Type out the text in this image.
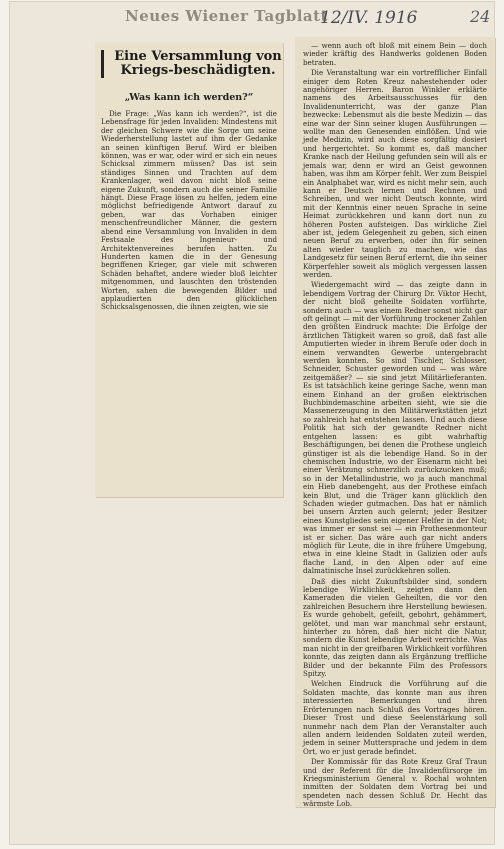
Neues Wiener Tagblatt
12/IV. 1916	24
Eine Versammlung von Kriegs-beschädigten.
„Was kann ich werden?“

Die Frage: „Was kann ich werden?“, ist die Lebensfrage für jeden Invaliden: Mindestens mit der gleichen Schwere wie die Sorge um seine Wiederherstellung lastet auf ihm der Gedanke an seinen künftigen Beruf. Wird er bleiben können, was er war, oder wird er sich ein neues Schicksal zimmern müssen? Das ist sein ständiges Sinnen und Trachten auf dem Krankenlager, weil davon nicht bloß seine eigene Zukunft, sondern auch die seiner Familie hängt. Diese Frage lösen zu helfen, jedem eine möglichst befriedigende Antwort darauf zu geben, war das Vorhaben einiger menschenfreundlicher Männer, die gestern abend eine Versammlung von Invaliden in dem Festsaale des Ingenieur- und Architektenvereines berufen hatten. Zu Hunderten kamen die in der Genesung begriffenen Krieger, gar viele mit schweren Schäden behaftet, andere wieder bloß leichter mitgenommen, und lauschten den tröstenden Worten, sahen die bewegenden Bilder und applaudierten den glücklichen Schicksalsgenossen, die ihnen zeigten, wie sie

— wenn auch oft bloß mit einem Bein — doch wieder kräftig des Handwerks goldenen Boden betraten.

Die Veranstaltung war ein vortrefflicher Einfall einiger dem Roten Kreuz nahestehender oder angehöriger Herren. Baron Winkler erklärte namens des Arbeitsausschusses für den Invalidenunterricht, was der ganze Plan bezwecke: Lebensmut als die beste Medizin — das eine war der Sinn seiner klugen Ausführungen — wollte man den Genesenden einflößen. Und wie jede Medizin, wird auch diese sorgfältig dosiert und hergerichtet. So kommt es, daß mancher Kranke nach der Heilung gefunden sein will als er jemals war, denn er wird an Geist gewonnen haben, was ihm am Körper fehlt. Wer zum Beispiel ein Analphabet war, wird es nicht mehr sein, auch kann er Deutsch lernen und Rechnen und Schreiben, und wer nicht Deutsch konnte, wird mit der Kenntnis einer neuen Sprache in seine Heimat zurückkehren und kann dort nun zu höheren Posten aufsteigen. Das wirkliche Ziel aber ist, jedem Gelegenheit zu geben, sich einen neuen Beruf zu erwerben, oder ihn für seinen alten wieder tauglich zu machen, wie das Landgesetz für seinen Beruf erlernt, die ihn seiner Körperfehler soweit als möglich vergessen lassen werden.

Wiedergemacht wird — das zeigte dann in lebendigem Vortrag der Chirurg Dr. Viktor Hecht, der nicht bloß geheilte Soldaten vorführte, sondern auch — was einem Redner sonst nicht gar oft gelingt — mit der Vorführung trockener Zahlen den größten Eindruck machte: Die Erfolge der ärztlichen Tätigkeit waren so groß, daß fast alle Amputierten wieder in ihrem Berufe oder doch in einem verwandten Gewerbe untergebracht werden konnten. So sind Tischler, Schlosser, Schneider, Schuster geworden und — was wäre zeitgemäßer? — sie sind jetzt Militärlieferanten. Es ist tatsächlich keine geringe Sache, wenn man einem Einhand an der großen elektrischen Buchbindemaschine arbeiten sieht, wie sie die Massenerzeugung in den Militärwerkstätten jetzt so zahlreich hat entstehen lassen. Und auch diese Politik hat sich der gewandte Redner nicht entgehen lassen: es gibt wahrhaftig Beschäftigungen, bei denen die Prothese ungleich günstiger ist als die lebendige Hand. So in der chemischen Industrie, wo der Eisenarm nicht bei einer Verätzung schmerzlich zurückzucken muß; so in der Metallindustrie, wo ja auch manchmal ein Hieb danebengeht, aus der Prothese einfach kein Blut, und die Träger kann glücklich den Schaden wieder gutmachen. Das hat er nämlich bei unsern Ärzten auch gelernt; jeder Besitzer eines Kunstgliedes sein eigener Helfer in der Not; was immer er sonst sei — ein Prothesenmonteur ist er sicher. Das wäre auch gar nicht anders möglich für Leute, die in ihre frühere Umgebung, etwa in eine kleine Stadt in Galizien oder aufs flache Land, in den Alpen oder auf eine dalmatinische Insel zurückkehren sollen.

Daß dies nicht Zukunftsbilder sind, sondern lebendige Wirklichkeit, zeigten dann den Kameraden die vielen Geheilten, die vor den zahlreichen Besuchern ihre Herstellung bewiesen. Es wurde gehobelt, gefeilt, gebohrt, gehämmert, gelötet, und man war manchmal sehr erstaunt, hinterher zu hören, daß hier nicht die Natur, sondern die Kunst lebendige Arbeit verrichte. Was man nicht in der greifbaren Wirklichkeit vorführen konnte, das zeigten dann als Ergänzung treffliche Bilder und der bekannte Film des Professors Spitzy.

Welchen Eindruck die Vorführung auf die Soldaten machte, das konnte man aus ihren interessierten Bemerkungen und ihren Erörterungen nach Schluß des Vortrages hören. Dieser Trost und diese Seelenstärkung soll nunmehr nach dem Plan der Veranstalter auch allen andern leidenden Soldaten zuteil werden, jedem in seiner Muttersprache und jedem in dem Ort, wo er just gerade befindet.

Der Kommissär für das Rote Kreuz Graf Traun und der Referent für die Invalidenfürsorge im Kriegsministerium General v. Rochal wohnten inmitten der Soldaten dem Vortrag bei und spendeten nach dessen Schluß Dr. Hecht das wärmste Lob.
